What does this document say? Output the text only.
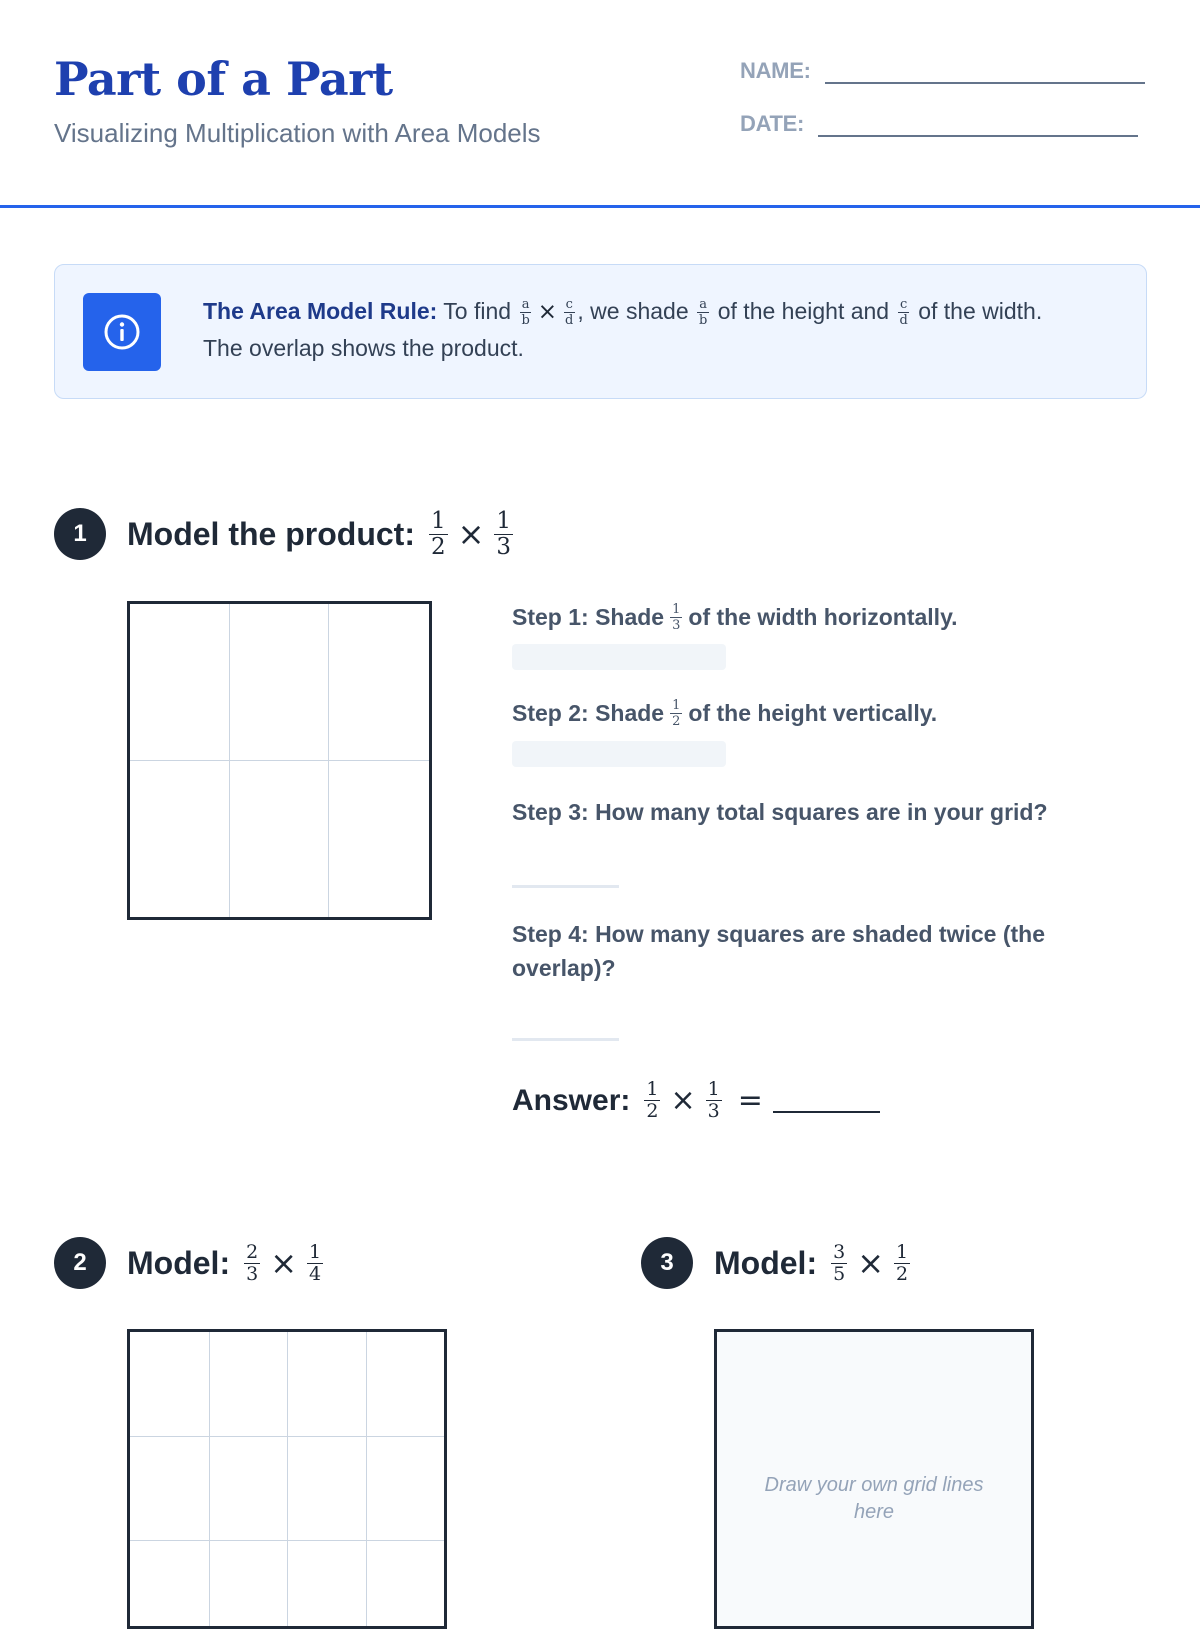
Part of a Part
Visualizing Multiplication with Area Models
NAME:
DATE:
The Area Model Rule: To find $\frac{a}{b} \times \frac{c}{d}$ , we shade $\frac{a}{b}$ of the height and $\frac{c}{d}$ of the width. The overlap shows the product.
1	Model the product: $\frac{1}{2} \times \frac{1}{3}$
Step 1: Shade $\frac{1}{3}$ of the width horizontally.
Step 2: Shade $\frac{1}{2}$ of the height vertically.
Step 3: How many total squares are in your grid?
Step 4: How many squares are shaded twice (the overlap)?
Answer: $\frac{1}{2} \times \frac{1}{3}$ =
2	Model: $\frac{2}{3} \times \frac{1}{4}$	3	Model: $\frac{3}{5} \times \frac{1}{2}$
Draw your own grid lines here
